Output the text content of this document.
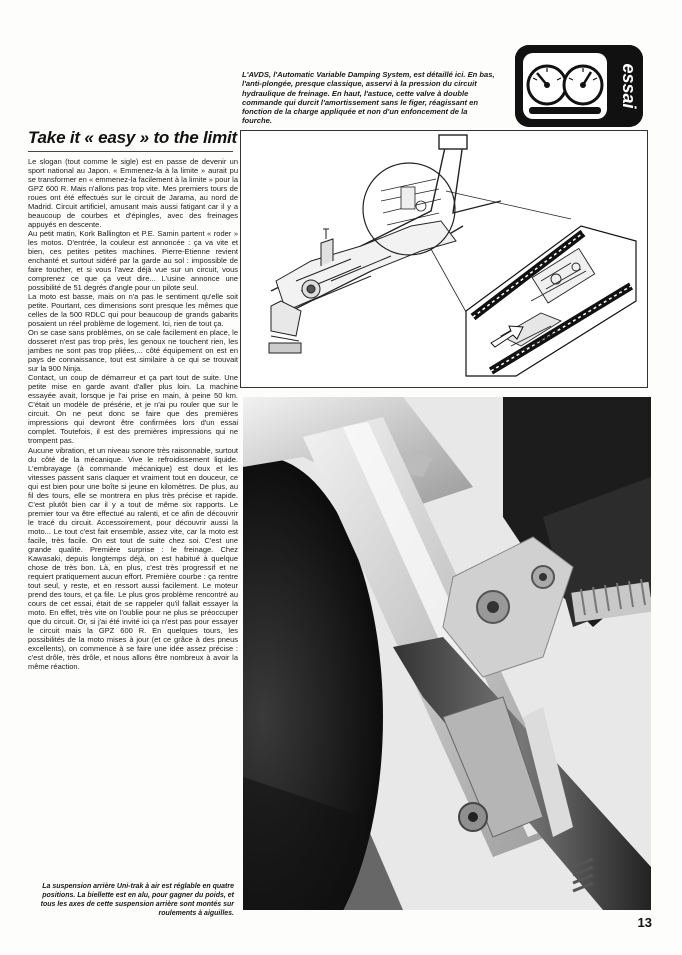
L'AVDS, l'Automatic Variable Damping System, est détaillé ici. En bas, l'anti-plongée, presque classique, asservi à la pression du circuit hydraulique de freinage. En haut, l'astuce, cette valve à double commande qui durcit l'amortissement sans le figer, réagissant en fonction de la charge appliquée et non d'un enfoncement de la fourche.

essai
Take it « easy » to the limit

Le slogan (tout comme le sigle) est en passe de devenir un sport national au Japon. « Emmenez-la à la limite » aurait pu se transformer en « emmenez-la facilement à la limite » pour la GPZ 600 R. Mais n'allons pas trop vite. Mes premiers tours de roues ont été effectués sur le circuit de Jarama, au nord de Madrid. Circuit artificiel, amusant mais aussi fatigant car il y a beaucoup de courbes et d'épingles, avec des freinages appuyés en descente.

Au petit matin, Kork Ballington et P.E. Samin partent « roder » les motos. D'entrée, la couleur est annoncée : ça va vite et bien, ces petites petites machines. Pierre-Etienne revient enchanté et surtout sidéré par la garde au sol : impossible de faire toucher, et si vous l'avez déjà vue sur un circuit, vous comprenez ce que ça veut dire... L'usine annonce une possibilité de 51 degrés d'angle pour un pilote seul.

La moto est basse, mais on n'a pas le sentiment qu'elle soit petite. Pourtant, ces dimensions sont presque les mêmes que celles de la 500 RDLC qui pour beaucoup de grands gabarits posaient un réel problème de logement. Ici, rien de tout ça.

On se case sans problèmes, on se cale facilement en place, le dosseret n'est pas trop près, les genoux ne touchent rien, les jambes ne sont pas trop pliées,... côté équipement on est en pays de connaissance, tout est similaire à ce qui se trouvait sur la 900 Ninja.

Contact, un coup de démarreur et ça part tout de suite. Une petite mise en garde avant d'aller plus loin. La machine essayée avait, lorsque je l'ai prise en main, à peine 50 km. C'était un modèle de présérie, et je n'ai pu rouler que sur le circuit. On ne peut donc se faire que des premières impressions qui devront être confirmées lors d'un essai complet. Toutefois, il est des premières impressions qui ne trompent pas.

Aucune vibration, et un niveau sonore très raisonnable, surtout du côté de la mécanique. Vive le refroidissement liquide. L'embrayage (à commande mécanique) est doux et les vitesses passent sans claquer et vraiment tout en douceur, ce qui est bien pour une boîte si jeune en kilomètres. De plus, au fil des tours, elle se montrera en plus très précise et rapide. C'est plutôt bien car il y a tout de même six rapports. Le premier tour va être effectué au ralenti, et ce afin de découvrir le tracé du circuit. Accessoirement, pour découvrir aussi la moto... Le tout c'est fait ensemble, assez vite, car la moto est facile, très facile. On est tout de suite chez soi. C'est une grande qualité. Première surprise : le freinage. Chez Kawasaki, depuis longtemps déjà, on est habitué à quelque chose de très bon. Là, en plus, c'est très progressif et ne requiert pratiquement aucun effort. Première courbe : ça rentre tout seul, y reste, et en ressort aussi facilement. Le moteur prend des tours, et ça file. Le plus gros problème rencontré au cours de cet essai, était de se rappeler qu'il fallait essayer la moto. En effet, très vite on l'oublie pour ne plus se préoccuper que du circuit. Or, si j'ai été invité ici ça n'est pas pour essayer le circuit mais la GPZ 600 R. En quelques tours, les possibilités de la moto mises à jour (et ce grâce à des pneus excellents), on commence à se faire une idée assez précise : c'est drôle, très drôle, et nous allons être nombreux à avoir la même réaction.

La suspension arrière Uni-trak à air est réglable en quatre positions. La biellette est en alu, pour gagner du poids, et tous les axes de cette suspension arrière sont montés sur roulements à aiguilles.

13
